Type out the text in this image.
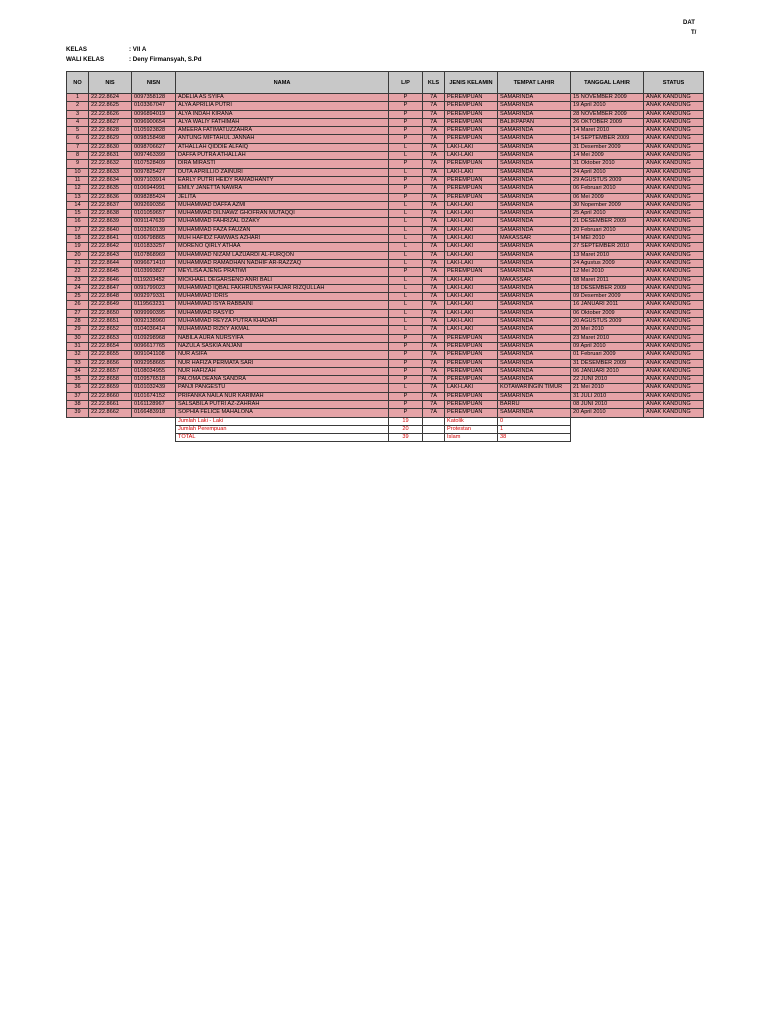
DAT
T/
KELAS	: VII A
WALI KELAS	: Deny Firmansyah, S.Pd
NO	NIS	NISN	NAMA	L/P	KLS	JENIS KELAMIN	TEMPAT LAHIR	TANGGAL LAHIR	STATUS
1	22.22.8624	0097358128	ADELIA AS SYIFA	P	7A	PEREMPUAN	SAMARINDA	15 NOVEMBER 2009	ANAK KANDUNG
2	22.22.8625	0103367047	ALYA APRILIA PUTRI	P	7A	PEREMPUAN	SAMARINDA	19 April 2010	ANAK KANDUNG
3	22.22.8626	0096894019	ALYA INDAH KIRANA	P	7A	PEREMPUAN	SAMARINDA	28 NOVEMBER 2009	ANAK KANDUNG
4	22.22.8627	0096900654	ALYA WALIY FATHIMAH	P	7A	PEREMPUAN	BALIKPAPAN	26 OKTOBER 2009	ANAK KANDUNG
5	22.22.8628	0105923828	AMEERA FATIMATUZZAHRA	P	7A	PEREMPUAN	SAMARINDA	14 Maret 2010	ANAK KANDUNG
6	22.22.8629	0098158498	ANTUNG MIFTAHUL JANNAH	P	7A	PEREMPUAN	SAMARINDA	14 SEPTEMBER 2009	ANAK KANDUNG
7	22.22.8630	0098706627	ATHALLAH QIDDIE ALFAIQ	L	7A	LAKI-LAKI	SAMARINDA	31 Desember 2009	ANAK KANDUNG
8	22.22.8631	0097463399	DAFFA PUTRA ATHALLAH	L	7A	LAKI-LAKI	SAMARINDA	14 Mei 2009	ANAK KANDUNG
9	22.22.8632	0107528409	DIRA MIRASTI	P	7A	PEREMPUAN	SAMARINDA	31 Oktober 2010	ANAK KANDUNG
10	22.22.8633	0097825427	DUTA APRILLIO ZAINURI	L	7A	LAKI-LAKI	SAMARINDA	24 April 2010	ANAK KANDUNG
11	22.22.8634	0097103914	EARLY PUTRI HEIDY RAMADHANTY	P	7A	PEREMPUAN	SAMARINDA	29 AGUSTUS 2009	ANAK KANDUNG
12	22.22.8635	0106944991	EMILY JANETTA NAWRA	P	7A	PEREMPUAN	SAMARINDA	06 Februari 2010	ANAK KANDUNG
13	22.22.8636	0098285424	JELITA	P	7A	PEREMPUAN	SAMARINDA	06 Mei 2009	ANAK KANDUNG
14	22.22.8637	0092690356	MUHAMMAD DAFFA AZMI	L	7A	LAKI-LAKI	SAMARINDA	30 Nopember 2009	ANAK KANDUNG
15	22.22.8638	0101059657	MUHAMMAD DILNAWZ GHOFRAN MUTAQQI	L	7A	LAKI-LAKI	SAMARINDA	25 April 2010	ANAK KANDUNG
16	22.22.8639	0091147639	MUHAMMAD FAHRIZAL DZAKY	L	7A	LAKI-LAKI	SAMARINDA	21 DESEMBER 2009	ANAK KANDUNG
17	22.22.8640	0103260139	MUHAMMAD FAZA FAUZAN	L	7A	LAKI-LAKI	SAMARINDA	20 Februari 2010	ANAK KANDUNG
18	22.22.8641	0106798865	MUH HAFIDZ FAWWAS AZHARI	L	7A	LAKI-LAKI	MAKASSAR	14 MEI 2010	ANAK KANDUNG
19	22.22.8642	0101833257	MORENO QIRLY ATHAA	L	7A	LAKI-LAKI	SAMARINDA	27 SEPTEMBER 2010	ANAK KANDUNG
20	22.22.8643	0107868969	MUHAMMAD NIZAM LAZUARDI AL-FURQON	L	7A	LAKI-LAKI	SAMARINDA	13 Maret 2010	ANAK KANDUNG
21	22.22.8644	0096671410	MUHAMMAD RAMADHAN NADHIF AR-RAZZAQ	L	7A	LAKI-LAKI	SAMARINDA	24 Agustus 2009	ANAK KANDUNG
22	22.22.8645	0103993827	MEYLISA AJENG PRATIWI	P	7A	PEREMPUAN	SAMARINDA	12 Mei 2010	ANAK KANDUNG
23	22.22.8646	0119203452	MICKHAEL DEGARSENO ANRI BALI	L	7A	LAKI-LAKI	MAKASSAR	08 Maret 2011	ANAK KANDUNG
24	22.22.8647	0091799023	MUHAMMAD IQBAL FAKHRUNSYAH FAJAR RIZQULLAH	L	7A	LAKI-LAKI	SAMARINDA	18 DESEMBER 2009	ANAK KANDUNG
25	22.22.8648	0092979331	MUHAMMAD IDRIS	L	7A	LAKI-LAKI	SAMARINDA	09 Desember 2009	ANAK KANDUNG
26	22.22.8649	0119563231	MUHAMMAD ISYA RABBAINI	L	7A	LAKI-LAKI	SAMARINDA	16 JANUARI 2011	ANAK KANDUNG
27	22.22.8650	0099990395	MUHAMMAD RASYID	L	7A	LAKI-LAKI	SAMARINDA	06 Oktober 2009	ANAK KANDUNG
28	22.22.8651	0092138960	MUHAMMAD REYZA PUTRA KHADAFI	L	7A	LAKI-LAKI	SAMARINDA	20 AGUSTUS 2009	ANAK KANDUNG
29	22.22.8652	0104036414	MUHAMMAD RIZKY AKMAL	L	7A	LAKI-LAKI	SAMARINDA	20 Mei 2010	ANAK KANDUNG
30	22.22.8653	0109298968	NABILA AURA NURSYIFA	P	7A	PEREMPUAN	SAMARINDA	23 Maret 2010	ANAK KANDUNG
31	22.22.8654	0096617765	NAZULA SASKIA ANJANI	P	7A	PEREMPUAN	SAMARINDA	09 April 2010	ANAK KANDUNG
32	22.22.8655	0091041108	NUR ASIFA	P	7A	PEREMPUAN	SAMARINDA	01 Februari 2009	ANAK KANDUNG
33	22.22.8656	0092958665	NUR HAFIZA PERMATA SARI	P	7A	PEREMPUAN	SAMARINDA	31 DESEMBER 2009	ANAK KANDUNG
34	22.22.8657	0108034955	NUR HAFIZAH	P	7A	PEREMPUAN	SAMARINDA	06 JANUARI 2010	ANAK KANDUNG
35	22.22.8658	0109576518	PALOMA DEANA SANDRA	P	7A	PEREMPUAN	SAMARINDA	22 JUNI 2010	ANAK KANDUNG
36	22.22.8659	0101032439	PANJI PANGESTU	L	7A	LAKI-LAKI	KOTAWARINGIN TIMUR	21 Mei 2010	ANAK KANDUNG
37	22.22.8660	0101674152	PRIFANKA NAILA NUR KARIMAH	P	7A	PEREMPUAN	SAMARINDA	31 JULI 2010	ANAK KANDUNG
38	22.22.8661	0161128967	SALSABILA PUTRI AZ-ZAHRAH	P	7A	PEREMPUAN	BARRU	08 JUNI 2010	ANAK KANDUNG
39	22.22.8662	0166483918	SOPHIA FELICE MAHALONA	P	7A	PEREMPUAN	SAMARINDA	20 April 2010	ANAK KANDUNG
			Jumlah Laki - Laki	19		Katolik	0		
			Jumlah Perempuan	20		Protestan	1		
			TOTAL	39		Islam	38		
